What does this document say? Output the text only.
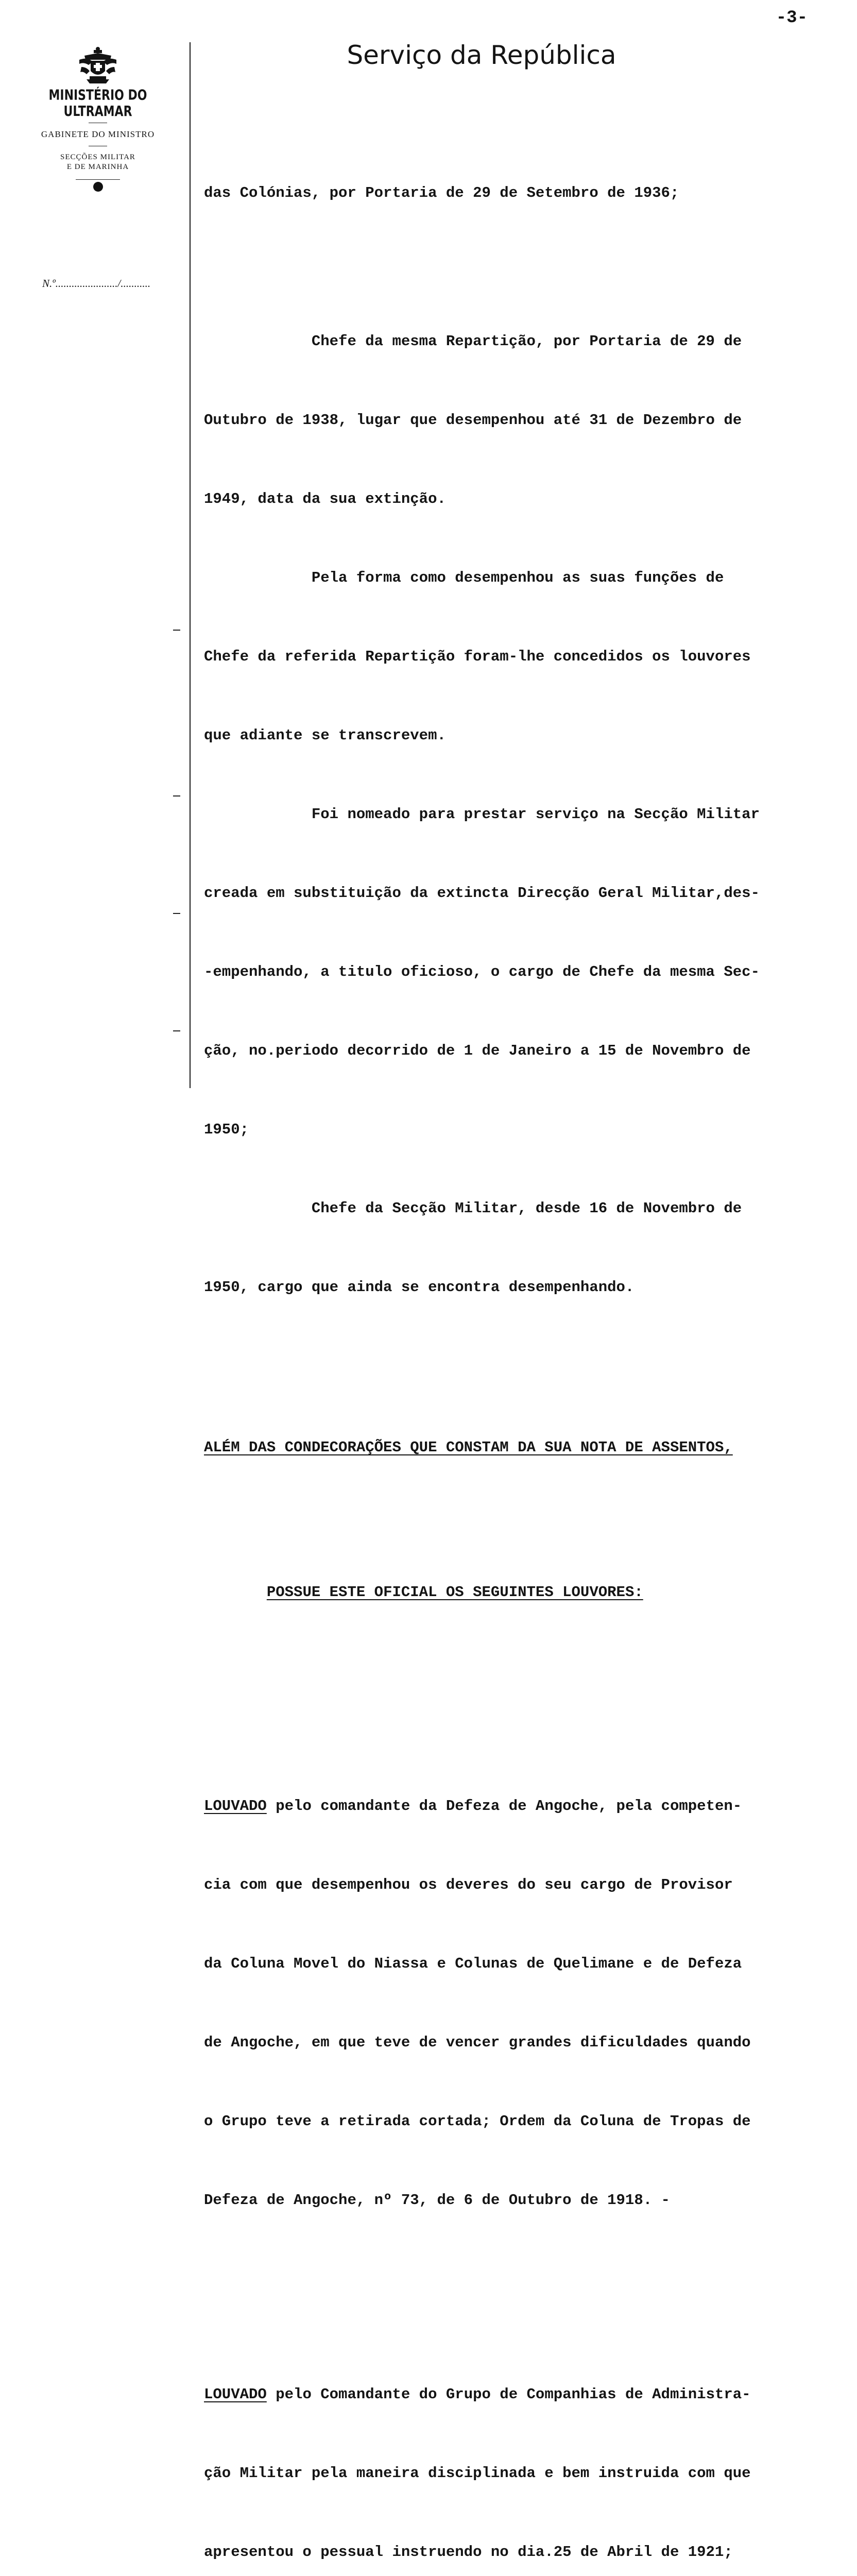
-3-
MINISTÉRIO DO ULTRAMAR
GABINETE DO MINISTRO
SECÇÕES MILITAR
E DE MARINHA
N.º......................./...........
Serviço da República

das Colónias, por Portaria de 29 de Setembro de 1936;

Chefe da mesma Repartição, por Portaria de 29 de

Outubro de 1938, lugar que desempenhou até 31 de Dezembro de

1949, data da sua extinção.

Pela forma como desempenhou as suas funções de

Chefe da referida Repartição foram-lhe concedidos os louvores

que adiante se transcrevem.

Foi nomeado para prestar serviço na Secção Militar

creada em substituição da extincta Direcção Geral Militar,des-

-empenhando, a titulo oficioso, o cargo de Chefe da mesma Sec-

ção, no.periodo decorrido de 1 de Janeiro a 15 de Novembro de

1950;

Chefe da Secção Militar, desde 16 de Novembro de

1950, cargo que ainda se encontra desempenhando.

ALÉM DAS CONDECORAÇÕES QUE CONSTAM DA SUA NOTA DE ASSENTOS,

POSSUE ESTE OFICIAL OS SEGUINTES LOUVORES:

LOUVADO pelo comandante da Defeza de Angoche, pela competen-

cia com que desempenhou os deveres do seu cargo de Provisor

da Coluna Movel do Niassa e Colunas de Quelimane e de Defeza

de Angoche, em que teve de vencer grandes dificuldades quando

o Grupo teve a retirada cortada; Ordem da Coluna de Tropas de

Defeza de Angoche, nº 73, de 6 de Outubro de 1918. -

LOUVADO pelo Comandante do Grupo de Companhias de Administra-

ção Militar pela maneira disciplinada e bem instruida com que

apresentou o pessual instruendo no dia.25 de Abril de 1921;
